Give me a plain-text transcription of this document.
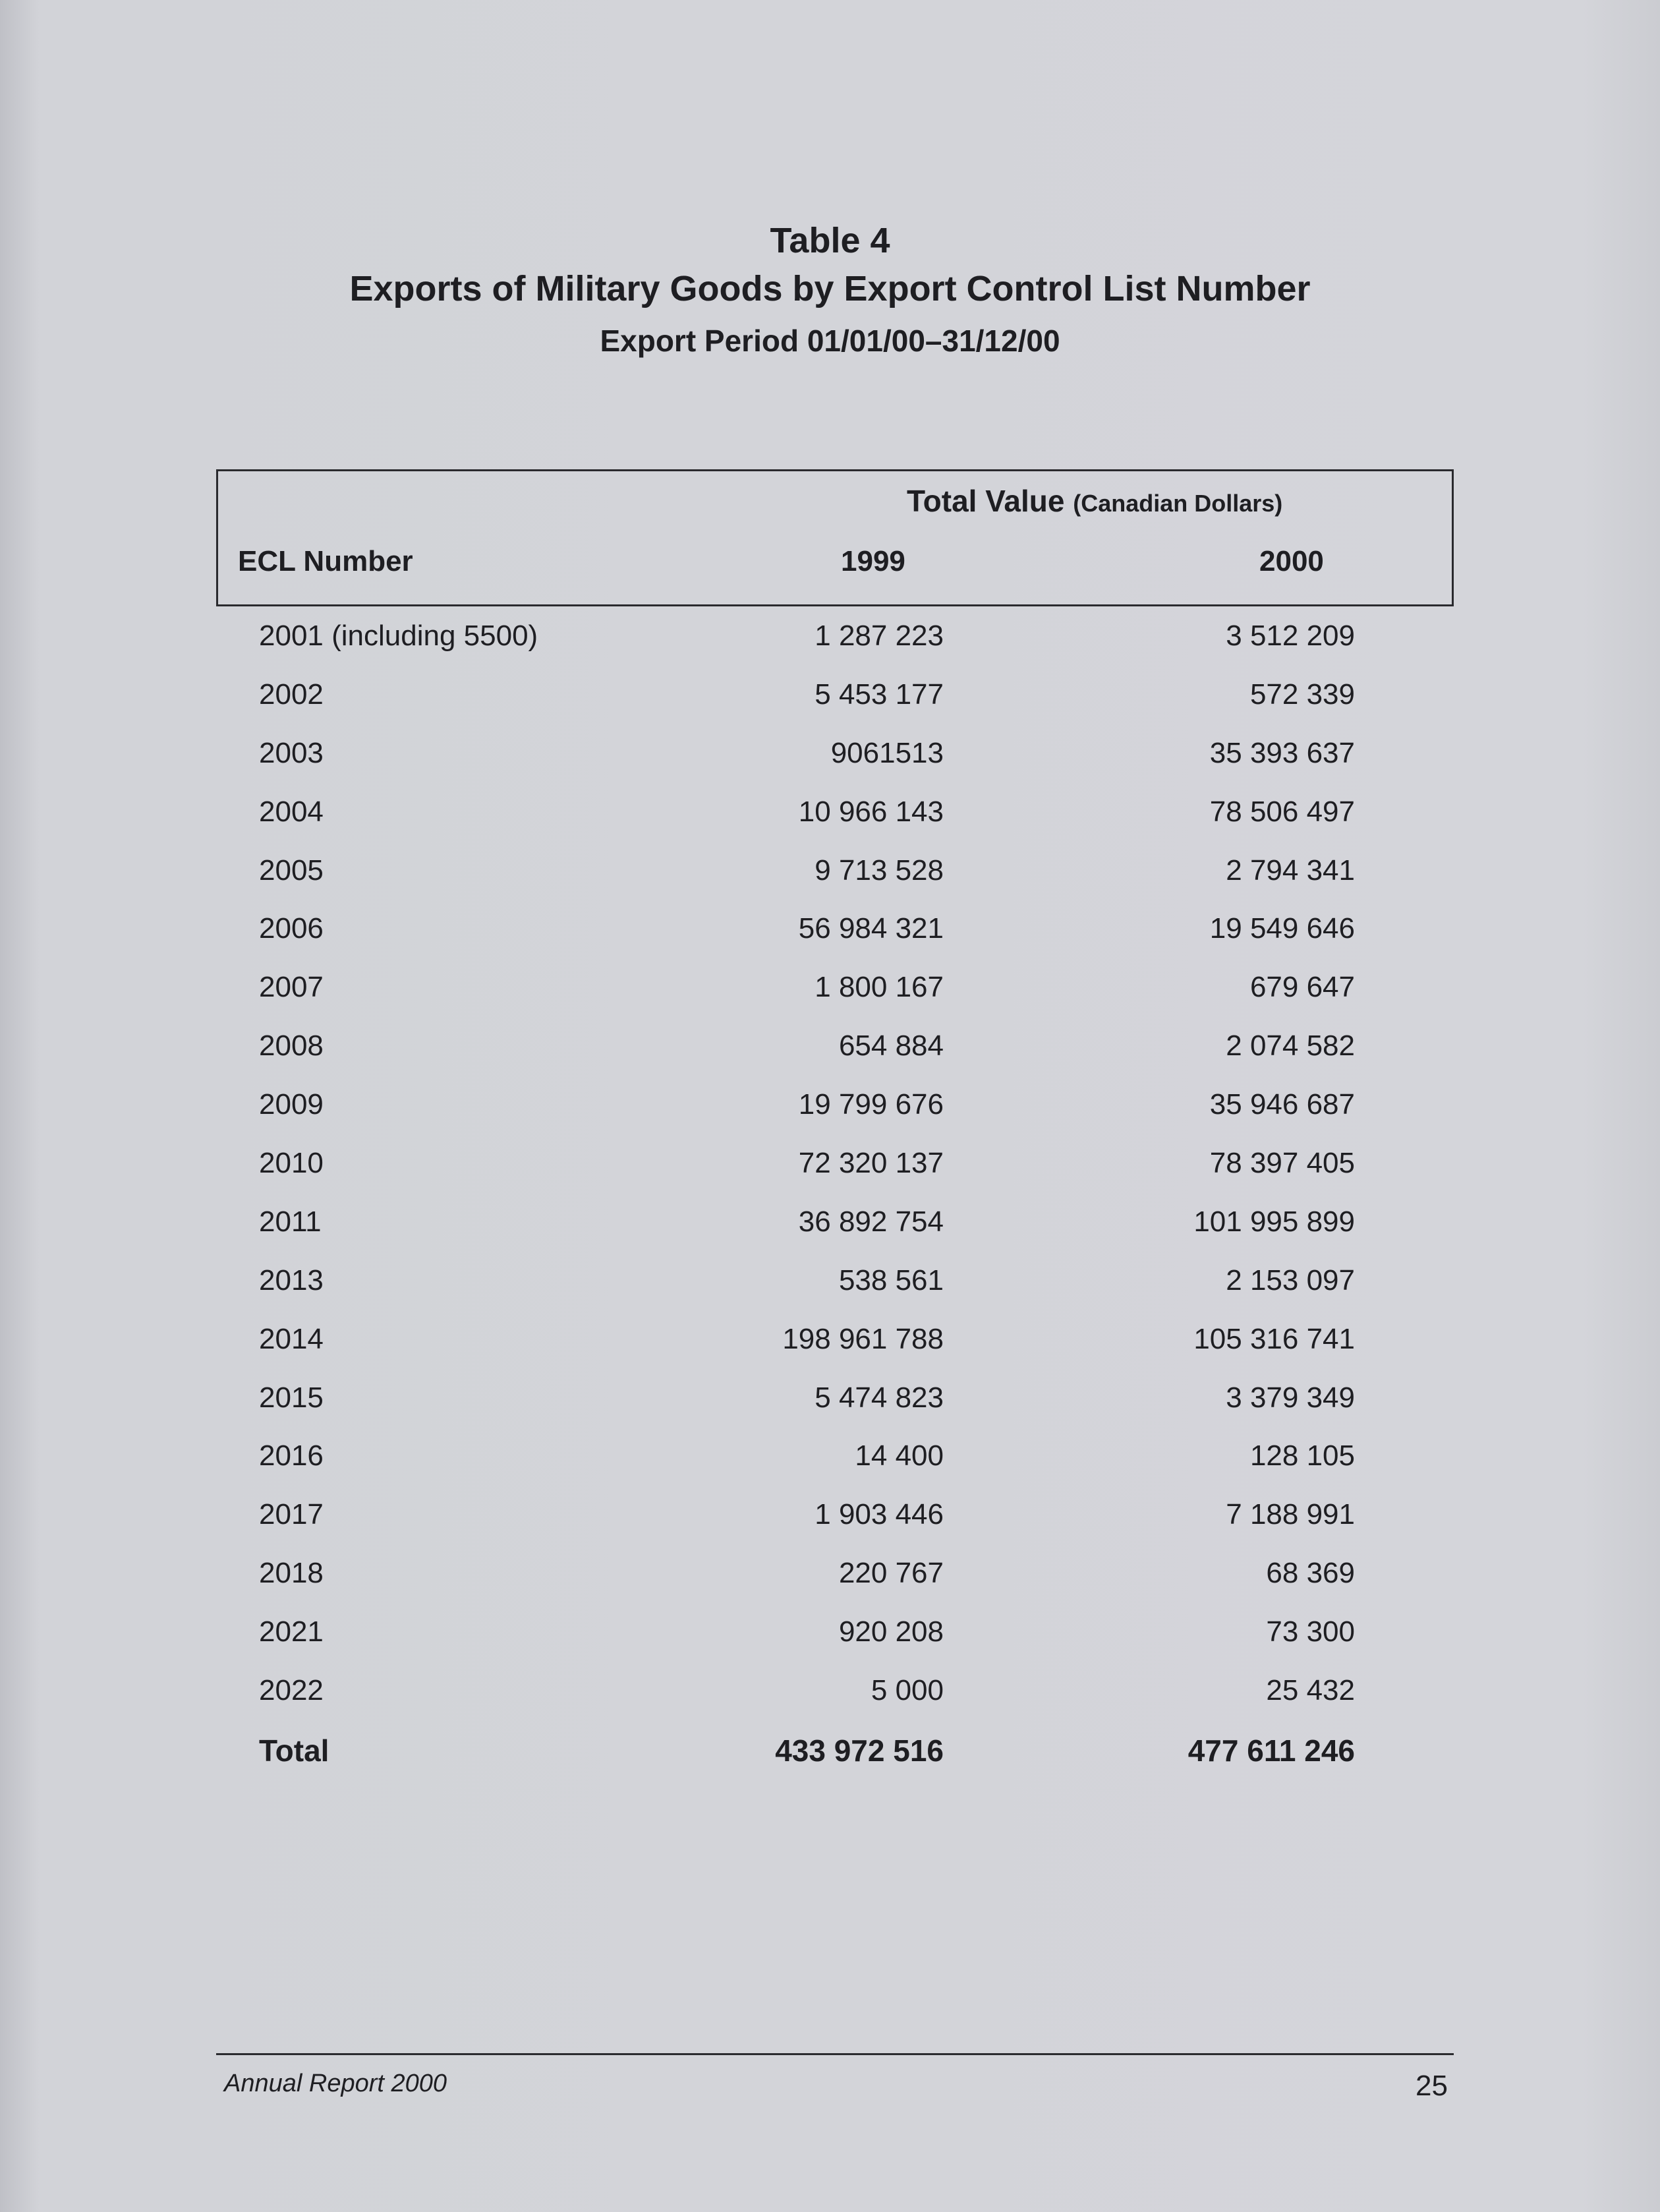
Table 4
Exports of Military Goods by Export Control List Number
Export Period 01/01/00–31/12/00
Total Value (Canadian Dollars)
ECL Number	1999	2000
2001 (including 5500)	1 287 223	3 512 209
2002	5 453 177	572 339
2003	9061513	35 393 637
2004	10 966 143	78 506 497
2005	9 713 528	2 794 341
2006	56 984 321	19 549 646
2007	1 800 167	679 647
2008	654 884	2 074 582
2009	19 799 676	35 946 687
2010	72 320 137	78 397 405
2011	36 892 754	101 995 899
2013	538 561	2 153 097
2014	198 961 788	105 316 741
2015	5 474 823	3 379 349
2016	14 400	128 105
2017	1 903 446	7 188 991
2018	220 767	68 369
2021	920 208	73 300
2022	5 000	25 432
Total	433 972 516	477 611 246
Annual Report 2000	25
